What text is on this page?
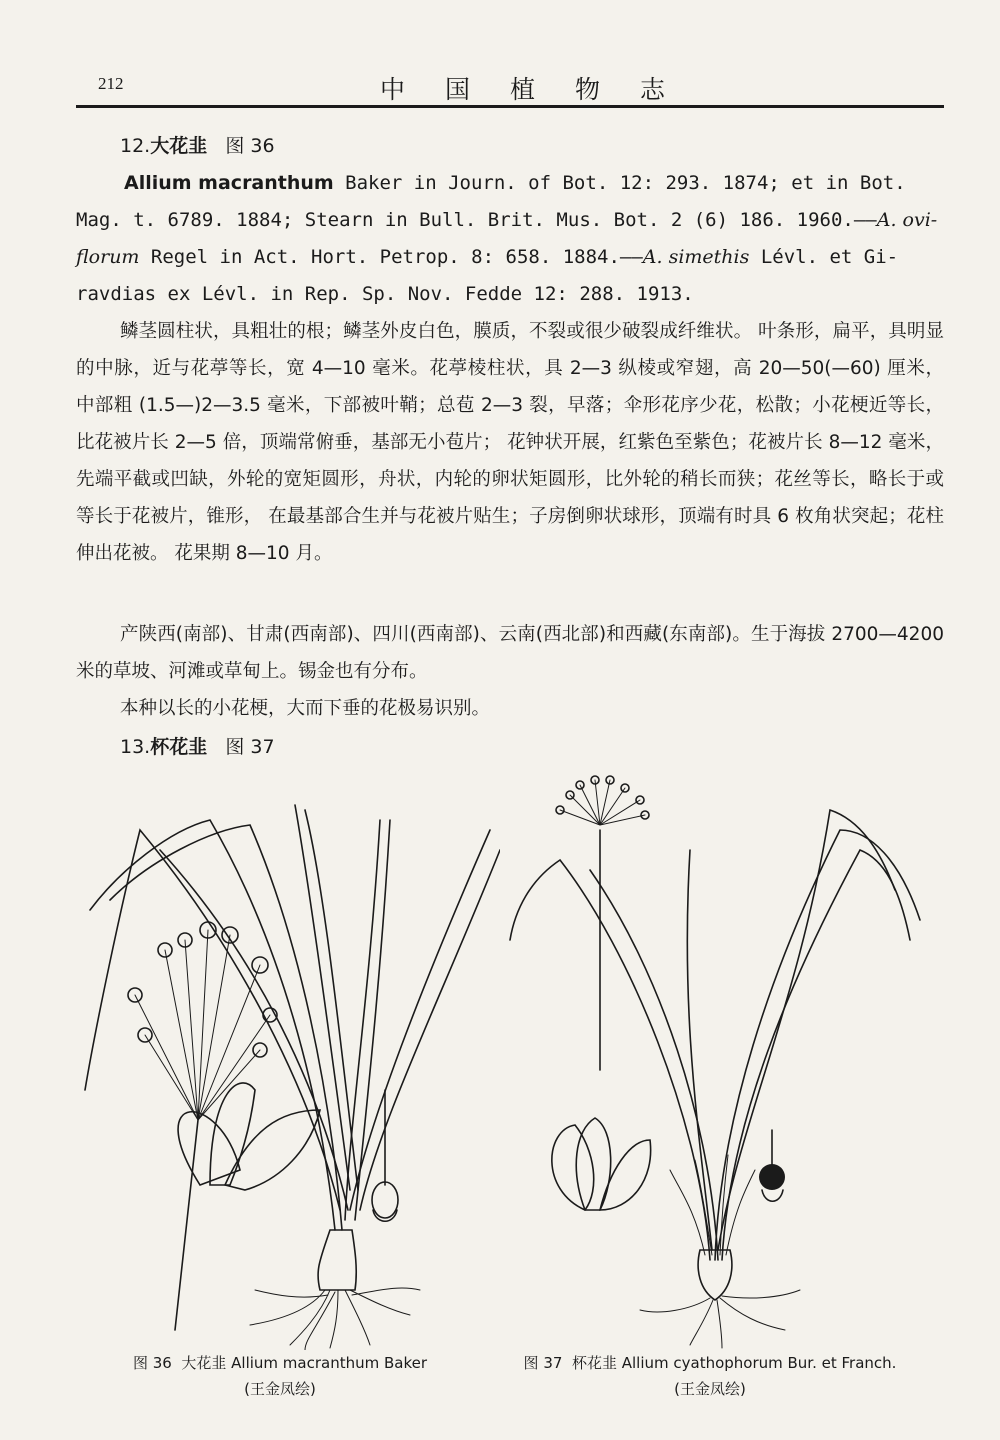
212	中国植物志
12.大花韭 图 36
Allium macranthum Baker in Journ. of Bot. 12: 293. 1874; et in Bot.
Mag. t. 6789. 1884; Stearn in Bull. Brit. Mus. Bot. 2 (6) 186. 1960.——A. ovi-
florum Regel in Act. Hort. Petrop. 8: 658. 1884.——A. simethis Lévl. et Gi-
ravdias ex Lévl. in Rep. Sp. Nov. Fedde 12: 288. 1913.
鳞茎圆柱状，具粗壮的根；鳞茎外皮白色，膜质，不裂或很少破裂成纤维状。 叶条形，扁平，具明显的中脉，近与花葶等长，宽 4—10 毫米。花葶棱柱状，具 2—3 纵棱或窄翅，高 20—50(—60) 厘米， 中部粗 (1.5—)2—3.5 毫米，下部被叶鞘；总苞 2—3 裂，早落；伞形花序少花，松散；小花梗近等长，比花被片长 2—5 倍，顶端常俯垂，基部无小苞片； 花钟状开展，红紫色至紫色；花被片长 8—12 毫米，先端平截或凹缺，外轮的宽矩圆形，舟状，内轮的卵状矩圆形，比外轮的稍长而狭；花丝等长，略长于或等长于花被片，锥形， 在最基部合生并与花被片贴生；子房倒卵状球形，顶端有时具 6 枚角状突起；花柱伸出花被。 花果期 8—10 月。
产陕西(南部)、甘肃(西南部)、四川(西南部)、云南(西北部)和西藏(东南部)。生于海拔 2700—4200 米的草坡、河滩或草甸上。锡金也有分布。
本种以长的小花梗，大而下垂的花极易识别。
13.杯花韭 图 37
图 36 大花韭 Allium macranthum Baker
(王金凤绘)
图 37 杯花韭 Allium cyathophorum Bur. et Franch.
(王金凤绘)
